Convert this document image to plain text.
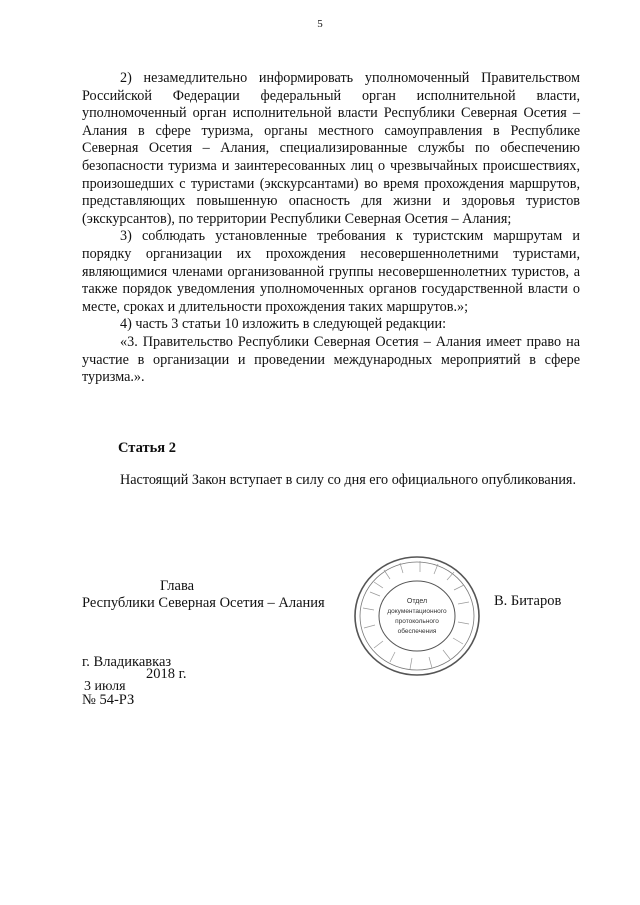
5

2) незамедлительно информировать уполномоченный Правительством Российской Федерации федеральный орган исполнительной власти, уполномоченный орган исполнительной власти Республики Северная Осетия – Алания в сфере туризма, органы местного самоуправления в Республике Северная Осетия – Алания, специализированные службы по обеспечению безопасности туризма и заинтересованных лиц о чрезвычайных происшествиях, произошедших с туристами (экскурсантами) во время прохождения маршрутов, представляющих повышенную опасность для жизни и здоровья туристов (экскурсантов), по территории Республики Северная Осетия – Алания;

3) соблюдать установленные требования к туристским маршрутам и порядку организации их прохождения несовершеннолетними туристами, являющимися членами организованной группы несовершеннолетних туристов, а также порядок уведомления уполномоченных органов государственной власти о месте, сроках и длительности прохождения таких маршрутов.»;

4) часть 3 статьи 10 изложить в следующей редакции:

«3. Правительство Республики Северная Осетия – Алания имеет право на участие в организации и проведении международных мероприятий в сфере туризма.».

Статья 2

Настоящий Закон вступает в силу со дня его официального опубликования.

Глава
Республики Северная Осетия – Алания	В. Битаров
Отдел
документационного
протокольного
обеспечения
г. Владикавказ
3 июля
2018 г.
№ 54-РЗ
